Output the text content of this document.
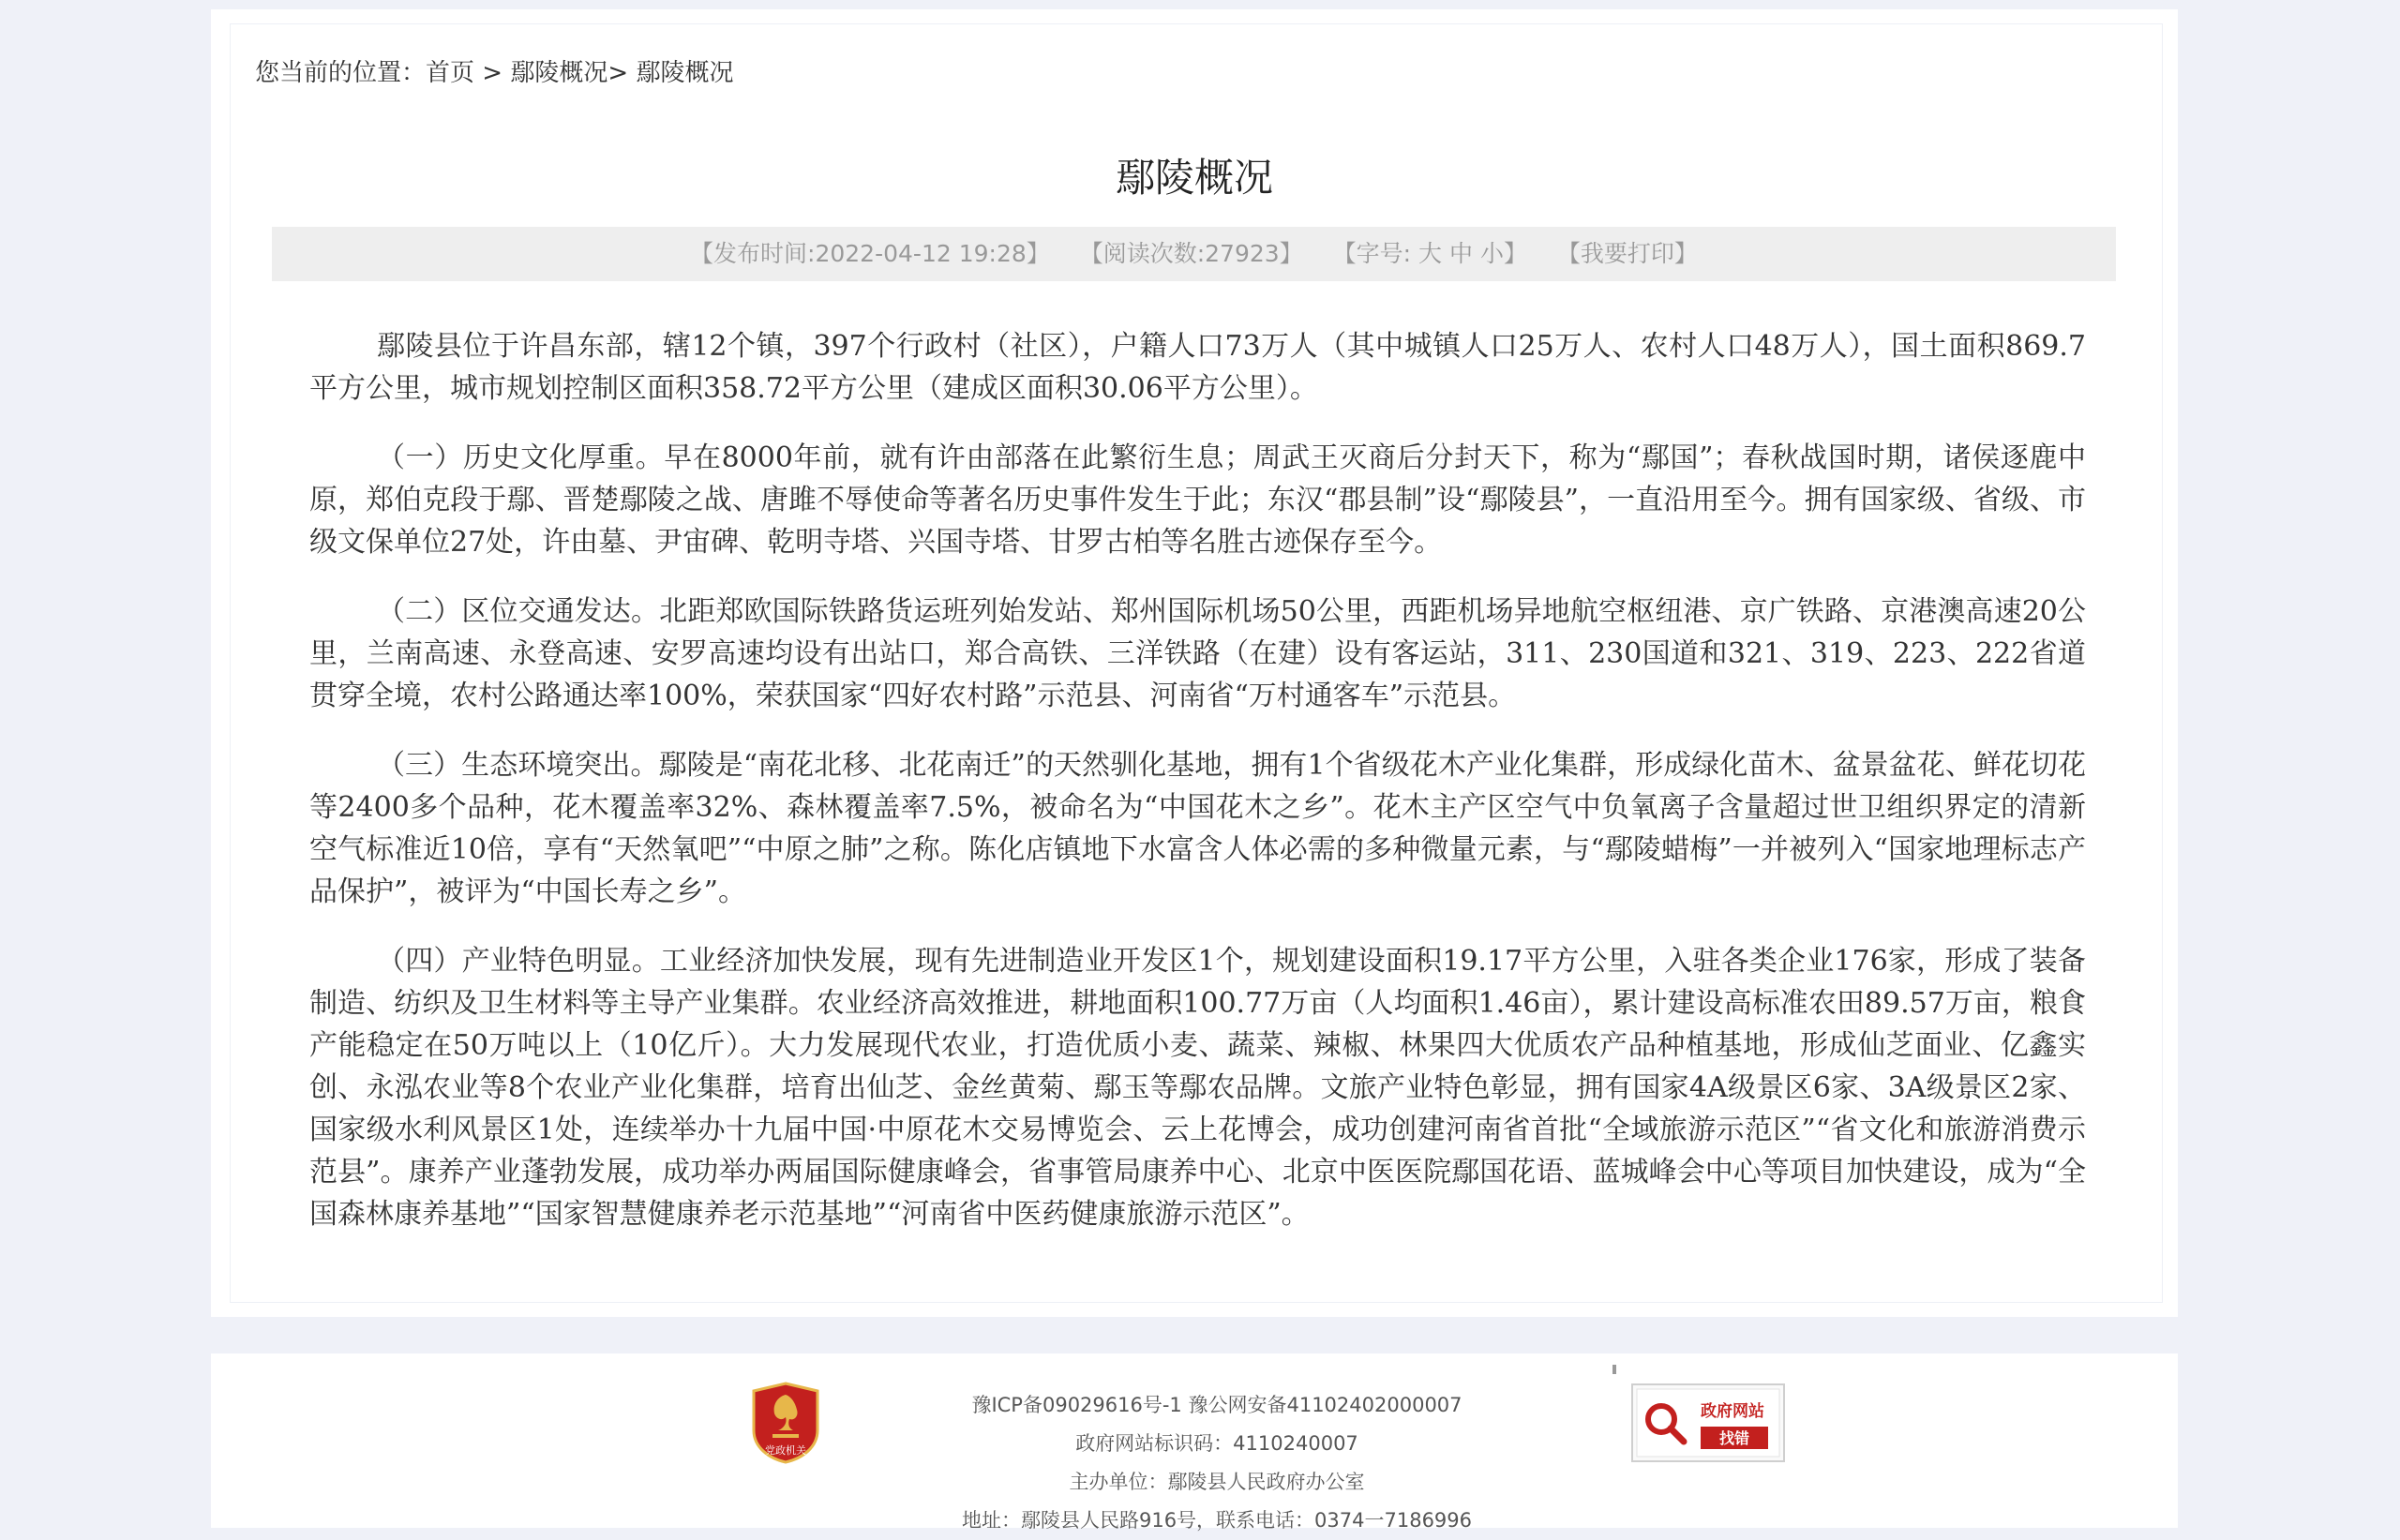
您当前的位置：首页 > 鄢陵概况> 鄢陵概况
鄢陵概况
【发布时间:2022-04-12 19:28】 【阅读次数:27923】 【字号: 大 中 小】 【我要打印】

鄢陵县位于许昌东部，辖12个镇，397个行政村（社区），户籍人口73万人（其中城镇人口25万人、农村人口48万人），国土面积869.7平方公里，城市规划控制区面积358.72平方公里（建成区面积30.06平方公里）。

（一）历史文化厚重。早在8000年前，就有许由部落在此繁衍生息；周武王灭商后分封天下，称为“鄢国”；春秋战国时期，诸侯逐鹿中原，郑伯克段于鄢、晋楚鄢陵之战、唐雎不辱使命等著名历史事件发生于此；东汉“郡县制”设“鄢陵县”，一直沿用至今。拥有国家级、省级、市级文保单位27处，许由墓、尹宙碑、乾明寺塔、兴国寺塔、甘罗古柏等名胜古迹保存至今。

（二）区位交通发达。北距郑欧国际铁路货运班列始发站、郑州国际机场50公里，西距机场异地航空枢纽港、京广铁路、京港澳高速20公里，兰南高速、永登高速、安罗高速均设有出站口，郑合高铁、三洋铁路（在建）设有客运站，311、230国道和321、319、223、222省道贯穿全境，农村公路通达率100%，荣获国家“四好农村路”示范县、河南省“万村通客车”示范县。

（三）生态环境突出。鄢陵是“南花北移、北花南迁”的天然驯化基地，拥有1个省级花木产业化集群，形成绿化苗木、盆景盆花、鲜花切花等2400多个品种，花木覆盖率32%、森林覆盖率7.5%，被命名为“中国花木之乡”。花木主产区空气中负氧离子含量超过世卫组织界定的清新空气标准近10倍，享有“天然氧吧”“中原之肺”之称。陈化店镇地下水富含人体必需的多种微量元素，与“鄢陵蜡梅”一并被列入“国家地理标志产品保护”，被评为“中国长寿之乡”。

（四）产业特色明显。工业经济加快发展，现有先进制造业开发区1个，规划建设面积19.17平方公里，入驻各类企业176家，形成了装备制造、纺织及卫生材料等主导产业集群。农业经济高效推进，耕地面积100.77万亩（人均面积1.46亩），累计建设高标准农田89.57万亩，粮食产能稳定在50万吨以上（10亿斤）。大力发展现代农业，打造优质小麦、蔬菜、辣椒、林果四大优质农产品种植基地，形成仙芝面业、亿鑫实创、永泓农业等8个农业产业化集群，培育出仙芝、金丝黄菊、鄢玉等鄢农品牌。文旅产业特色彰显，拥有国家4A级景区6家、3A级景区2家、国家级水利风景区1处，连续举办十九届中国·中原花木交易博览会、云上花博会，成功创建河南省首批“全域旅游示范区”“省文化和旅游消费示范县”。康养产业蓬勃发展，成功举办两届国际健康峰会，省事管局康养中心、北京中医医院鄢国花语、蓝城峰会中心等项目加快建设，成为“全国森林康养基地”“国家智慧健康养老示范基地”“河南省中医药健康旅游示范区”。

党政机关
豫ICP备09029616号-1 豫公网安备41102402000007
政府网站标识码：4110240007
主办单位：鄢陵县人民政府办公室
地址：鄢陵县人民路916号，联系电话：0374一7186996
政府网站
找错
